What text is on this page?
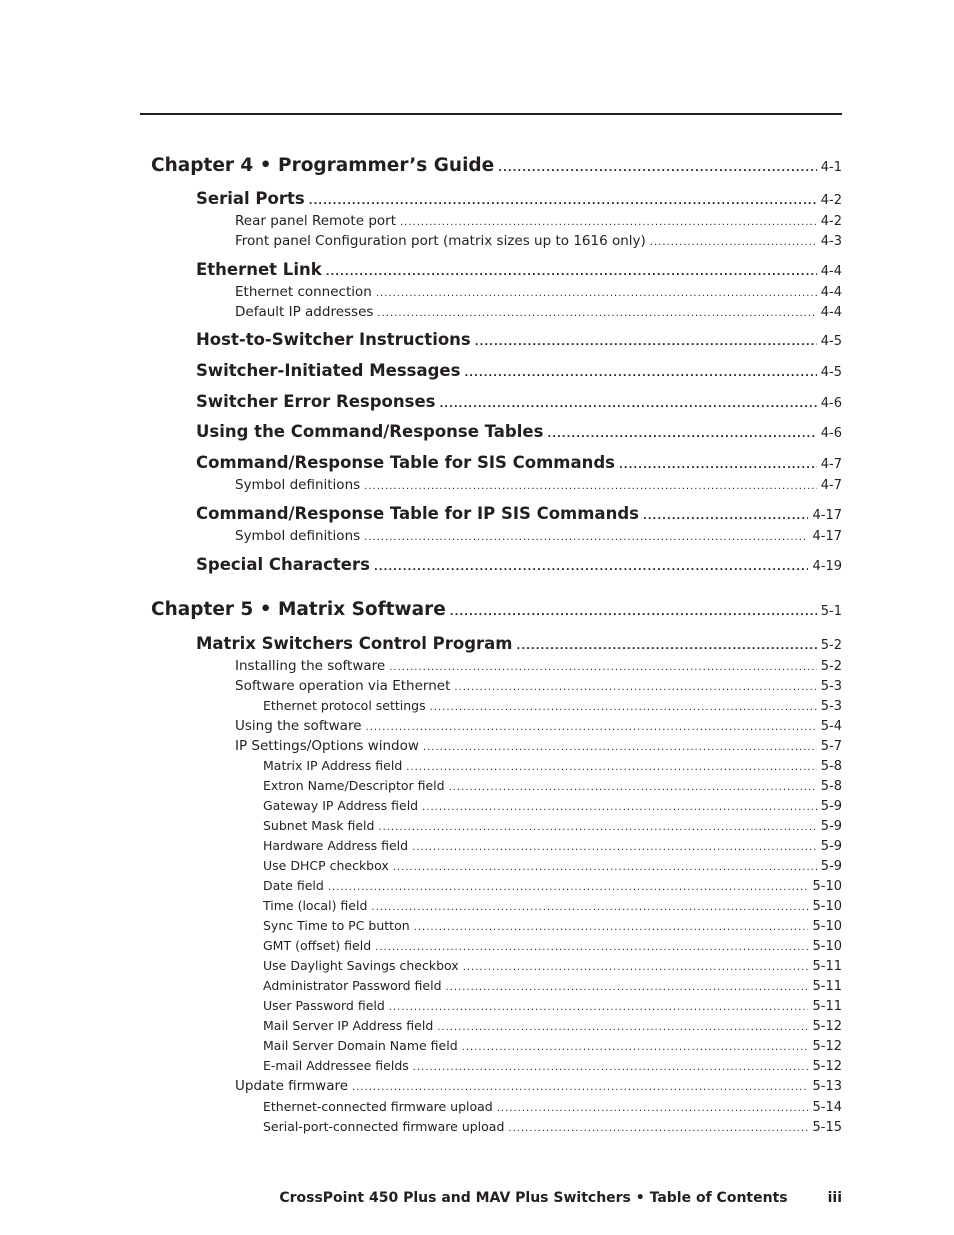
Chapter 4 • Programmer’s Guide .....	4-1
Serial Ports .....	4-2
Rear panel Remote port .....	4-2
Front panel Configuration port (matrix sizes up to 1616 only) .....	4-3
Ethernet Link .....	4-4
Ethernet connection .....	4-4
Default IP addresses .....	4-4
Host-to-Switcher Instructions .....	4-5
Switcher-Initiated Messages .....	4-5
Switcher Error Responses .....	4-6
Using the Command/Response Tables .....	4-6
Command/Response Table for SIS Commands .....	4-7
Symbol definitions .....	4-7
Command/Response Table for IP SIS Commands .....	4-17
Symbol definitions .....	4-17
Special Characters .....	4-19
Chapter 5 • Matrix Software .....	5-1
Matrix Switchers Control Program .....	5-2
Installing the software .....	5-2
Software operation via Ethernet .....	5-3
Ethernet protocol settings .....	5-3
Using the software .....	5-4
IP Settings/Options window .....	5-7
Matrix IP Address field .....	5-8
Extron Name/Descriptor field .....	5-8
Gateway IP Address field .....	5-9
Subnet Mask field .....	5-9
Hardware Address field .....	5-9
Use DHCP checkbox .....	5-9
Date field .....	5-10
Time (local) field .....	5-10
Sync Time to PC button .....	5-10
GMT (offset) field .....	5-10
Use Daylight Savings checkbox .....	5-11
Administrator Password field .....	5-11
User Password field .....	5-11
Mail Server IP Address field .....	5-12
Mail Server Domain Name field .....	5-12
E-mail Addressee fields .....	5-12
Update firmware .....	5-13
Ethernet-connected firmware upload .....	5-14
Serial-port-connected firmware upload .....	5-15
CrossPoint 450 Plus and MAV Plus Switchers • Table of Contents	iii
